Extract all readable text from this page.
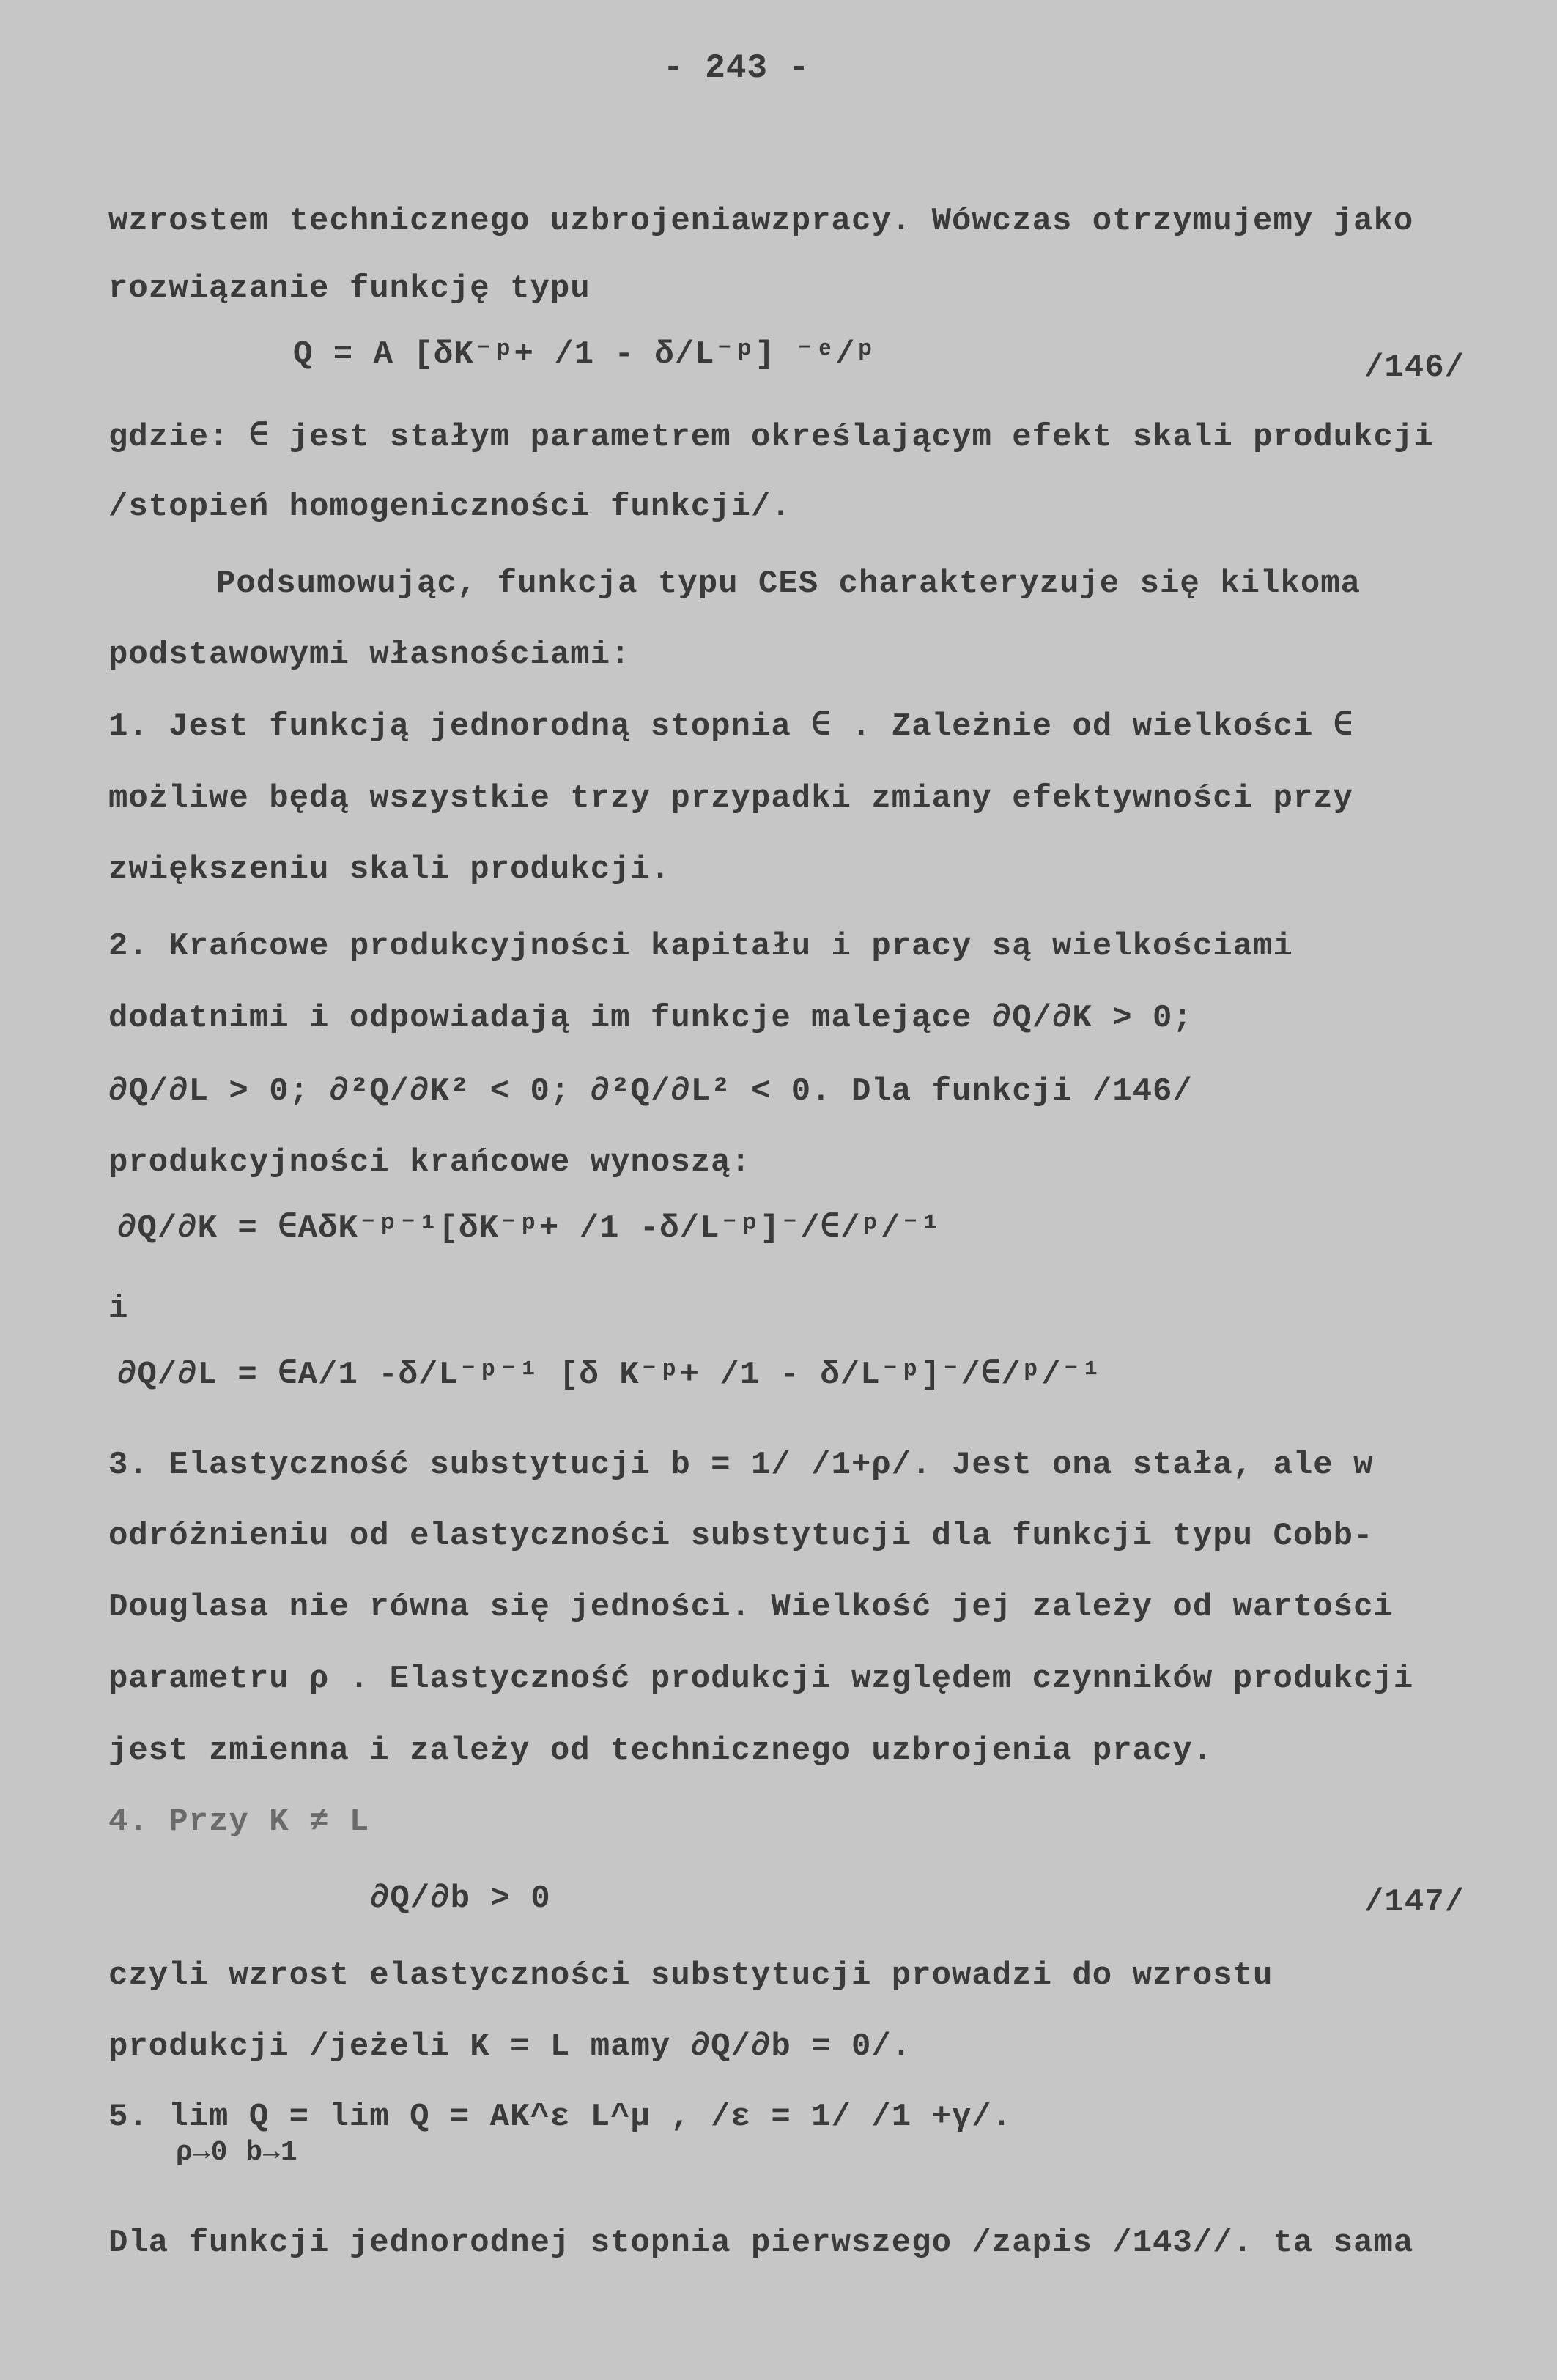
- 243 -
wzrostem technicznego uzbrojeniawzpracy. Wówczas otrzymujemy jako
rozwiązanie funkcję typu
Q = A [δK⁻ᵖ+ /1 - δ/L⁻ᵖ] ⁻ᵉ/ᵖ	/146/
gdzie: ∈ jest stałym parametrem określającym efekt skali produkcji
/stopień homogeniczności funkcji/.
Podsumowując, funkcja typu CES charakteryzuje się kilkoma
podstawowymi własnościami:
1. Jest funkcją jednorodną stopnia ∈ . Zależnie od wielkości ∈
możliwe będą wszystkie trzy przypadki zmiany efektywności przy
zwiększeniu skali produkcji.
2. Krańcowe produkcyjności kapitału i pracy są wielkościami
dodatnimi i odpowiadają im funkcje malejące ∂Q/∂K > 0;
∂Q/∂L > 0; ∂²Q/∂K² < 0; ∂²Q/∂L² < 0. Dla funkcji /146/
produkcyjności krańcowe wynoszą:
∂Q/∂K = ∈AδK⁻ᵖ⁻¹[δK⁻ᵖ+ /1 -δ/L⁻ᵖ]⁻/∈/ᵖ/⁻¹
i
∂Q/∂L = ∈A/1 -δ/L⁻ᵖ⁻¹ [δ K⁻ᵖ+ /1 - δ/L⁻ᵖ]⁻/∈/ᵖ/⁻¹
3. Elastyczność substytucji b = 1/ /1+ρ/. Jest ona stała, ale w
odróżnieniu od elastyczności substytucji dla funkcji typu Cobb-
Douglasa nie równa się jedności. Wielkość jej zależy od wartości
parametru ρ . Elastyczność produkcji względem czynników produkcji
jest zmienna i zależy od technicznego uzbrojenia pracy.
4. Przy K ≠ L
∂Q/∂b > 0	/147/
czyli wzrost elastyczności substytucji prowadzi do wzrostu
produkcji /jeżeli K = L mamy ∂Q/∂b = 0/.
5. lim Q = lim Q = AK^ε L^μ , /ε = 1/ /1 +γ/.
ρ→0 b→1
Dla funkcji jednorodnej stopnia pierwszego /zapis /143//. ta sama
